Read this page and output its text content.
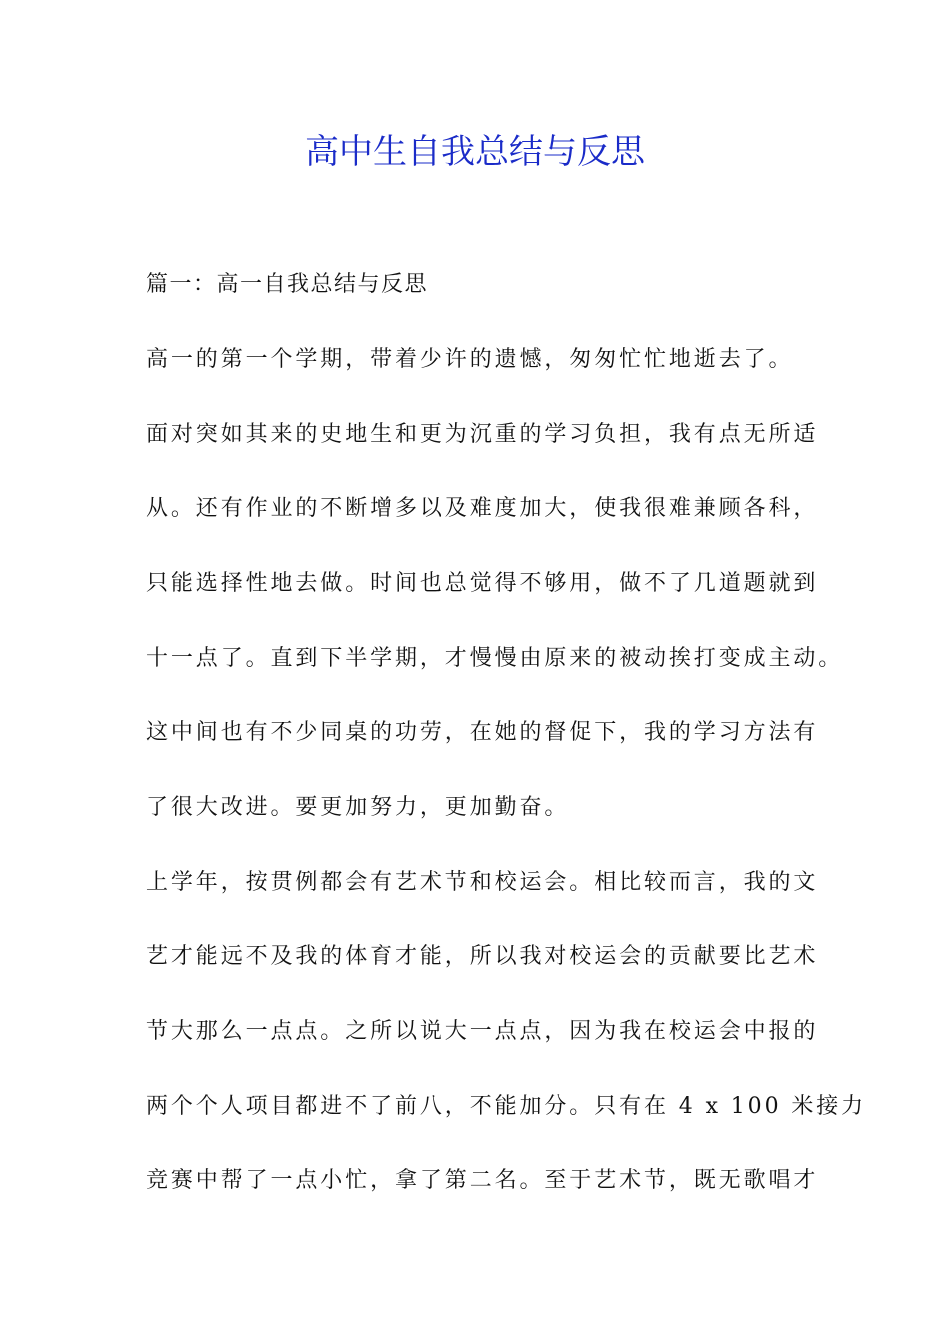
高中生自我总结与反思

篇一：高一自我总结与反思

高一的第一个学期，带着少许的遗憾，匆匆忙忙地逝去了。

面对突如其来的史地生和更为沉重的学习负担，我有点无所适

从。还有作业的不断增多以及难度加大，使我很难兼顾各科，

只能选择性地去做。时间也总觉得不够用，做不了几道题就到

十一点了。直到下半学期，才慢慢由原来的被动挨打变成主动。

这中间也有不少同桌的功劳，在她的督促下，我的学习方法有

了很大改进。要更加努力，更加勤奋。

上学年，按贯例都会有艺术节和校运会。相比较而言，我的文

艺才能远不及我的体育才能，所以我对校运会的贡献要比艺术

节大那么一点点。之所以说大一点点，因为我在校运会中报的

两个个人项目都进不了前八，不能加分。只有在 4 x 100 米接力

竞赛中帮了一点小忙，拿了第二名。至于艺术节，既无歌唱才
